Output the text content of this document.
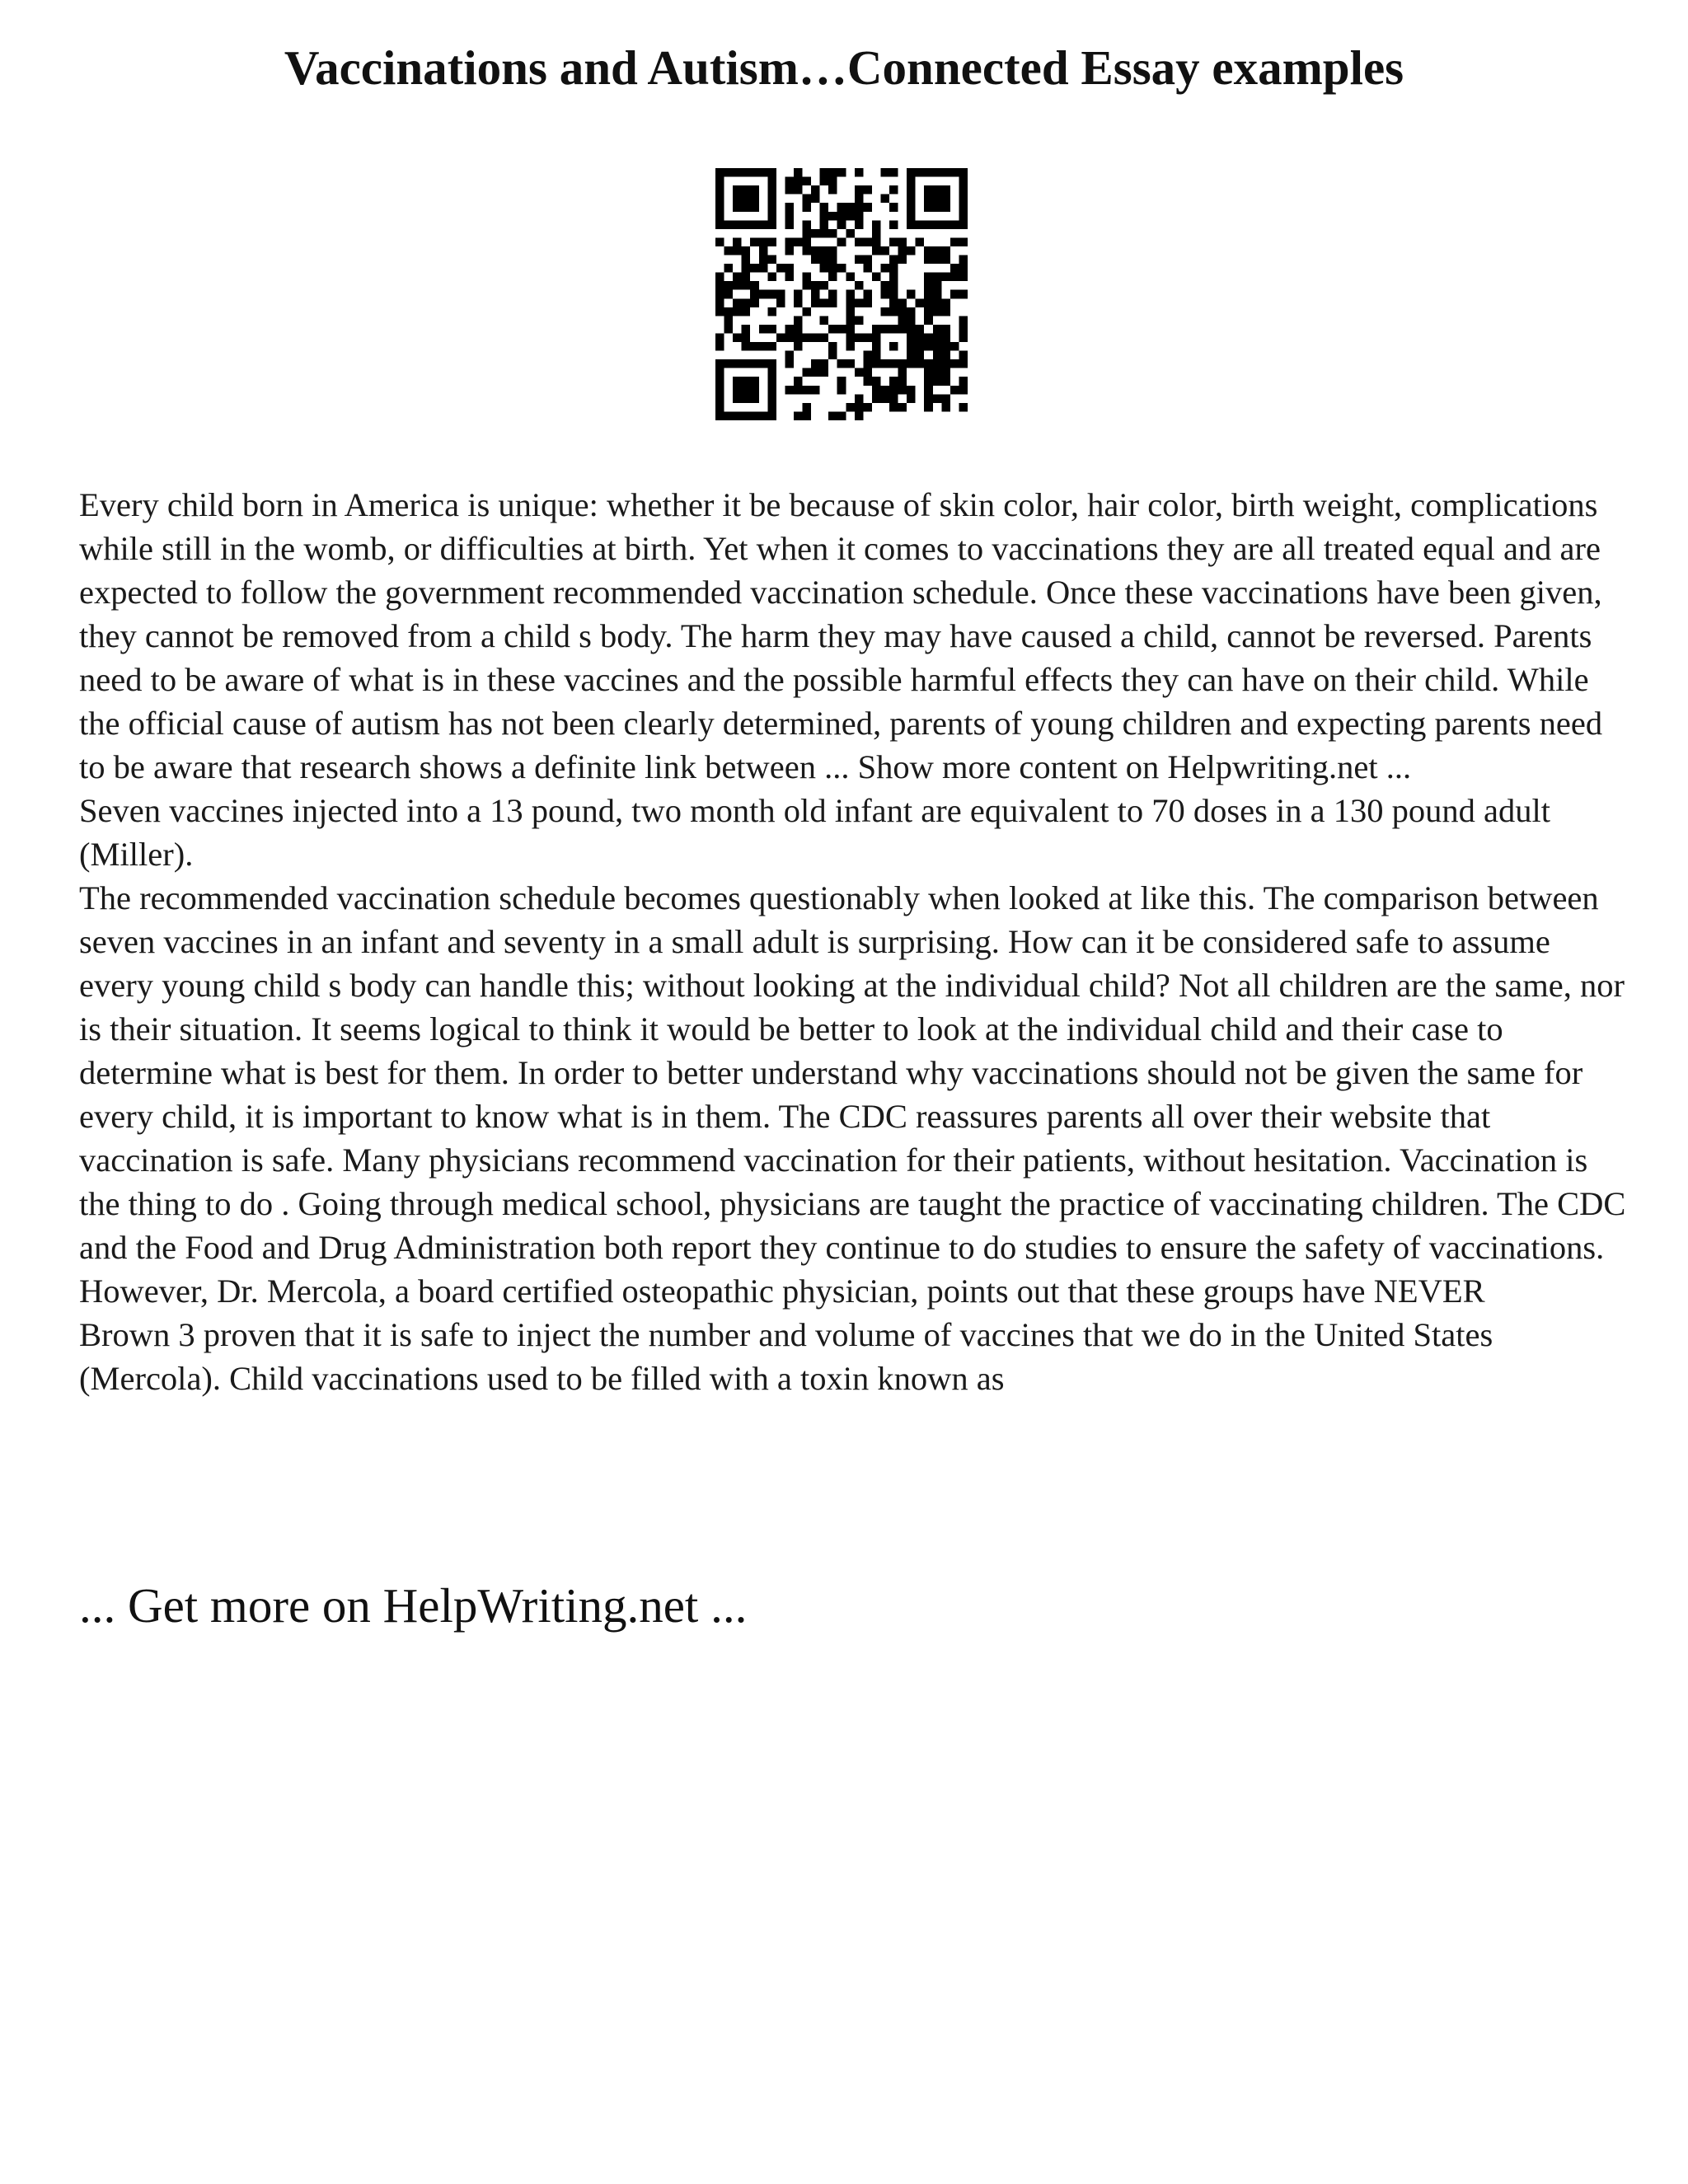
Vaccinations and Autism…Connected Essay examples

Every child born in America is unique: whether it be because of skin color, hair color, birth weight, complications while still in the womb, or difficulties at birth. Yet when it comes to vaccinations they are all treated equal and are expected to follow the government recommended vaccination schedule. Once these vaccinations have been given, they cannot be removed from a child s body. The harm they may have caused a child, cannot be reversed. Parents need to be aware of what is in these vaccines and the possible harmful effects they can have on their child. While the official cause of autism has not been clearly determined, parents of young children and expecting parents need to be aware that research shows a definite link between ... Show more content on Helpwriting.net ...

Seven vaccines injected into a 13 pound, two month old infant are equivalent to 70 doses in a 130 pound adult (Miller).

The recommended vaccination schedule becomes questionably when looked at like this. The comparison between seven vaccines in an infant and seventy in a small adult is surprising. How can it be considered safe to assume every young child s body can handle this; without looking at the individual child? Not all children are the same, nor is their situation. It seems logical to think it would be better to look at the individual child and their case to determine what is best for them. In order to better understand why vaccinations should not be given the same for every child, it is important to know what is in them. The CDC reassures parents all over their website that vaccination is safe. Many physicians recommend vaccination for their patients, without hesitation. Vaccination is the thing to do . Going through medical school, physicians are taught the practice of vaccinating children. The CDC and the Food and Drug Administration both report they continue to do studies to ensure the safety of vaccinations. However, Dr. Mercola, a board certified osteopathic physician, points out that these groups have NEVER

Brown 3 proven that it is safe to inject the number and volume of vaccines that we do in the United States (Mercola). Child vaccinations used to be filled with a toxin known as

... Get more on HelpWriting.net ...
